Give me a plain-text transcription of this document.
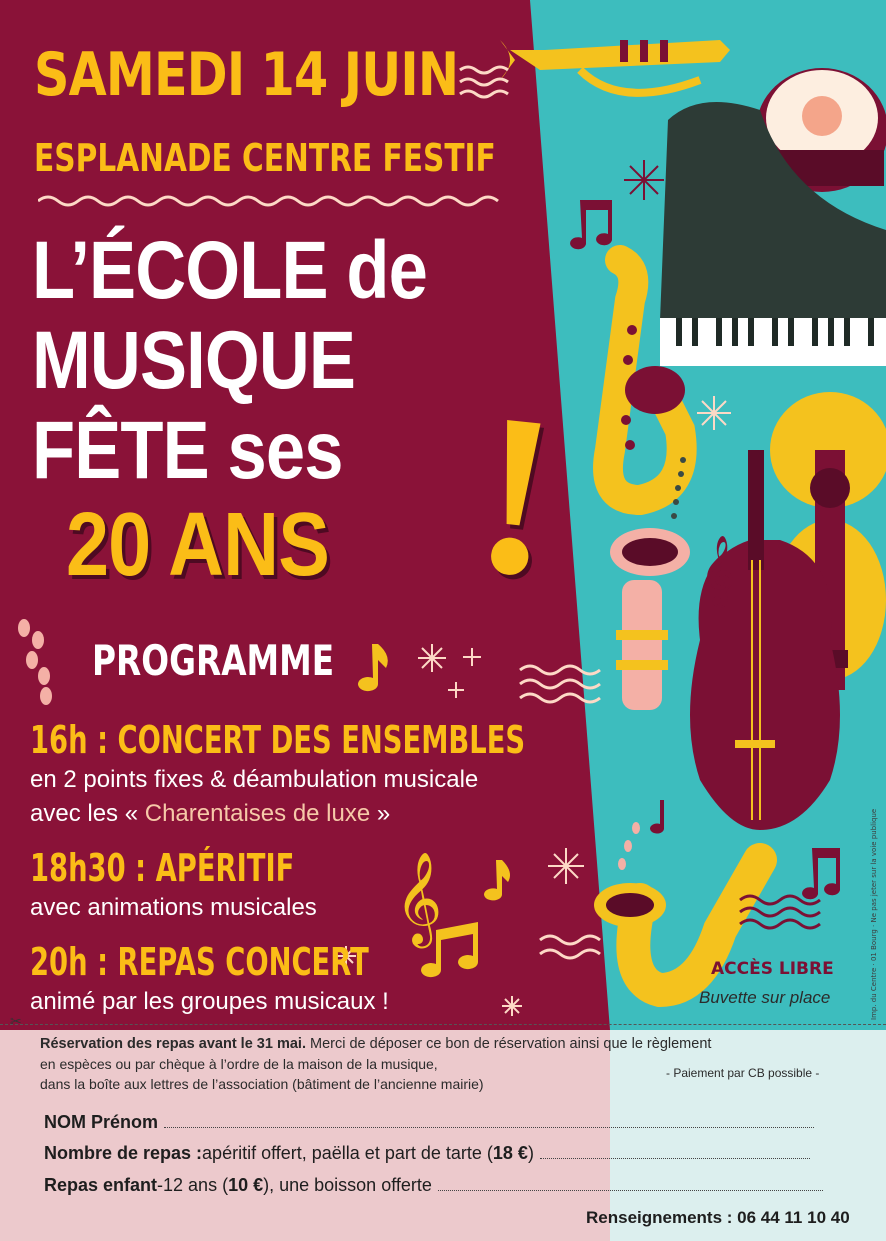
𝄞
𝄞
SAMEDI 14 JUIN
ESPLANADE CENTRE FESTIF
L’ÉCOLE de
MUSIQUE
FÊTE ses
20 ANS !
PROGRAMME
16h : CONCERT DES ENSEMBLES
en 2 points fixes & déambulation musicale
avec les « Charentaises de luxe »
18h30 : APÉRITIF
avec animations musicales
20h : REPAS CONCERT
animé par les groupes musicaux !
ACCÈS LIBRE
Buvette sur place	Imp. du Centre · 01 Bourg · Ne pas jeter sur la voie publique
✂
Réservation des repas avant le 31 mai. Merci de déposer ce bon de réservation ainsi que le règlement
en espèces ou par chèque à l’ordre de la maison de la musique,
dans la boîte aux lettres de l’association (bâtiment de l’ancienne mairie)
- Paiement par CB possible -
NOM Prénom
Nombre de repas : apéritif offert, paëlla et part de tarte ( 18 € )
Repas enfant -12 ans ( 10 € ), une boisson offerte
Renseignements : 06 44 11 10 40
